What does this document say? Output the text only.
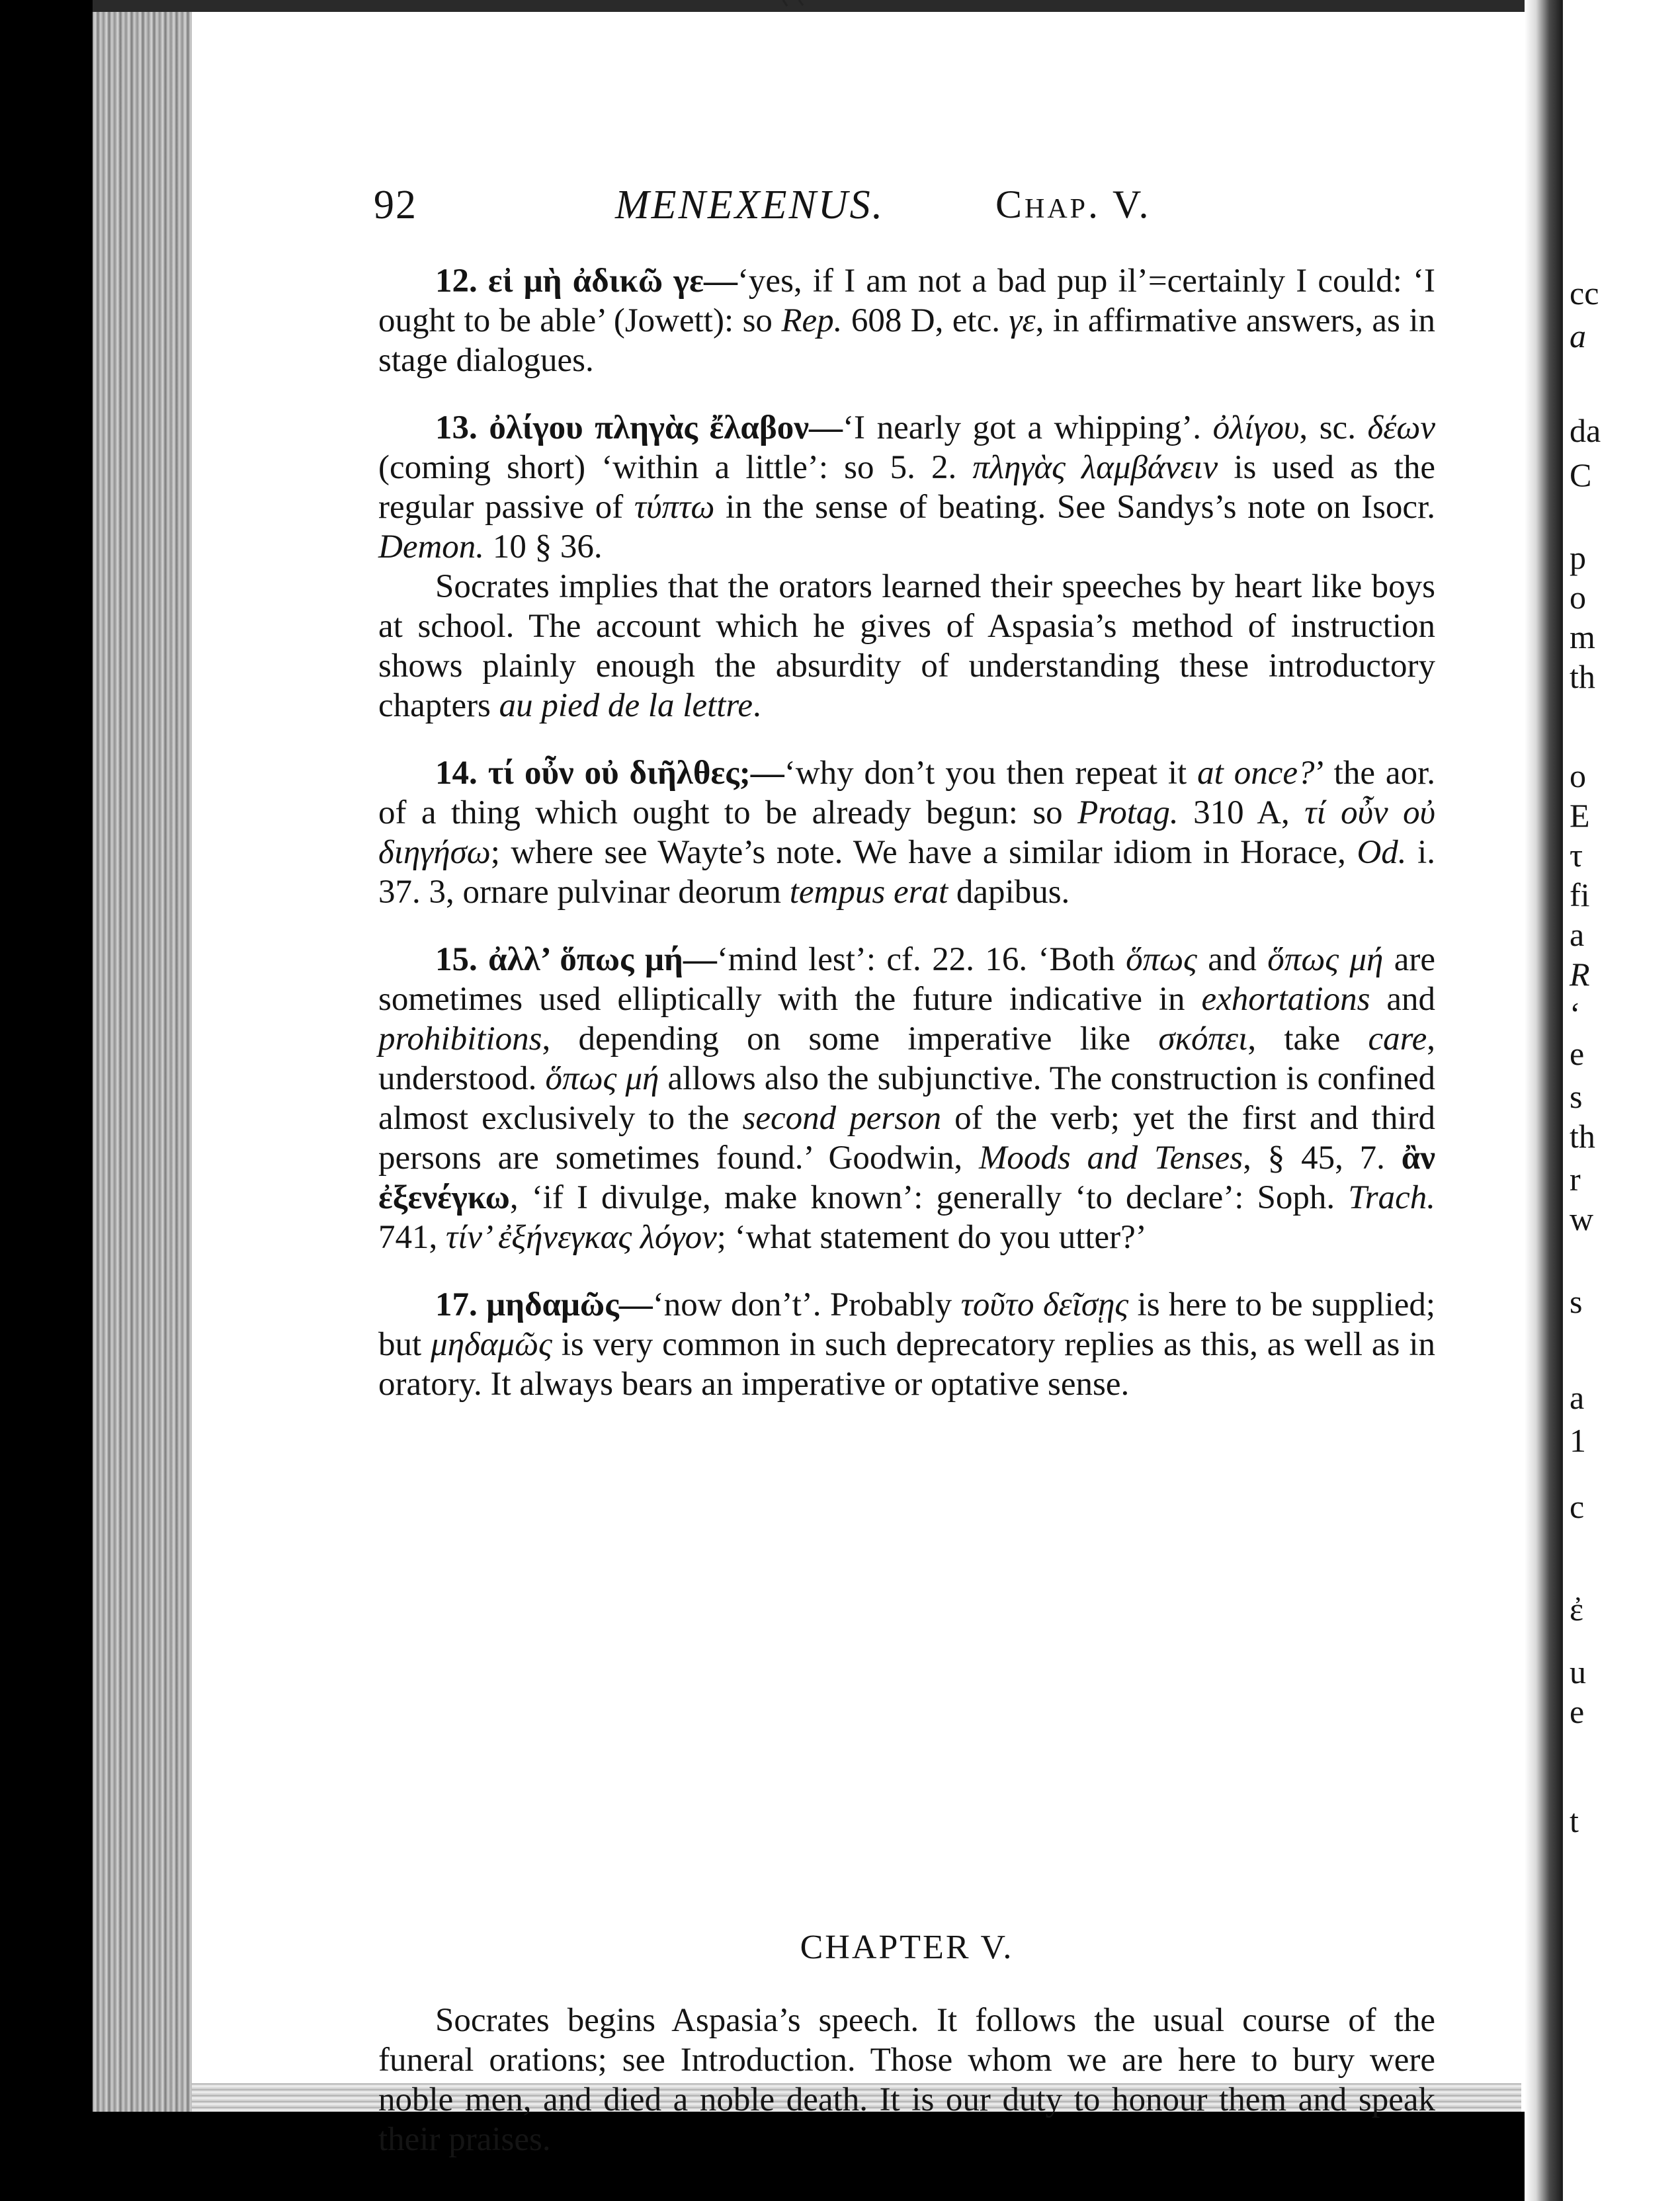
cc
a
da
C
p
o
m
th
o
E
τ
fi
a
R
‘
e
s
th
r
w
s
a
1
c
ἐ
u
e
t
92	MENEXENUS.	Chap. V.

12. εἰ μὴ ἀδικῶ γε—‘yes, if I am not a bad pup il’=certainly I could: ‘I ought to be able’ (Jowett): so Rep. 608 D, etc. γε, in affirmative answers, as in stage dialogues.

13. ὀλίγου πληγὰς ἔλαβον—‘I nearly got a whipping’. ὀλίγου, sc. δέων (coming short) ‘within a little’: so 5. 2. πληγὰς λαμβάνειν is used as the regular passive of τύπτω in the sense of beating. See Sandys’s note on Isocr. Demon. 10 § 36.

Socrates implies that the orators learned their speeches by heart like boys at school. The account which he gives of Aspasia’s method of instruction shows plainly enough the absurdity of understanding these introductory chapters au pied de la lettre.

14. τί οὖν οὐ διῆλθες;—‘why don’t you then repeat it at once?’ the aor. of a thing which ought to be already begun: so Protag. 310 A, τί οὖν οὐ διηγήσω; where see Wayte’s note. We have a similar idiom in Horace, Od. i. 37. 3, ornare pulvinar deorum tempus erat dapibus.

15. ἀλλ’ ὅπως μή—‘mind lest’: cf. 22. 16. ‘Both ὅπως and ὅπως μή are sometimes used elliptically with the future indicative in exhortations and prohibitions, depending on some imperative like σκόπει, take care, understood. ὅπως μή allows also the subjunctive. The construction is confined almost exclusively to the second person of the verb; yet the first and third persons are sometimes found.’ Goodwin, Moods and Tenses, § 45, 7. ἂν ἐξενέγκω, ‘if I divulge, make known’: generally ‘to declare’: Soph. Trach. 741, τίν’ ἐξήνεγκας λόγον; ‘what statement do you utter?’

17. μηδαμῶς—‘now don’t’. Probably τοῦτο δεῖσῃς is here to be supplied; but μηδαμῶς is very common in such deprecatory replies as this, as well as in oratory. It always bears an imperative or optative sense.

CHAPTER V.

Socrates begins Aspasia’s speech. It follows the usual course of the funeral orations; see Introduction. Those whom we are here to bury were noble men, and died a noble death. It is our duty to honour them and speak their praises.
